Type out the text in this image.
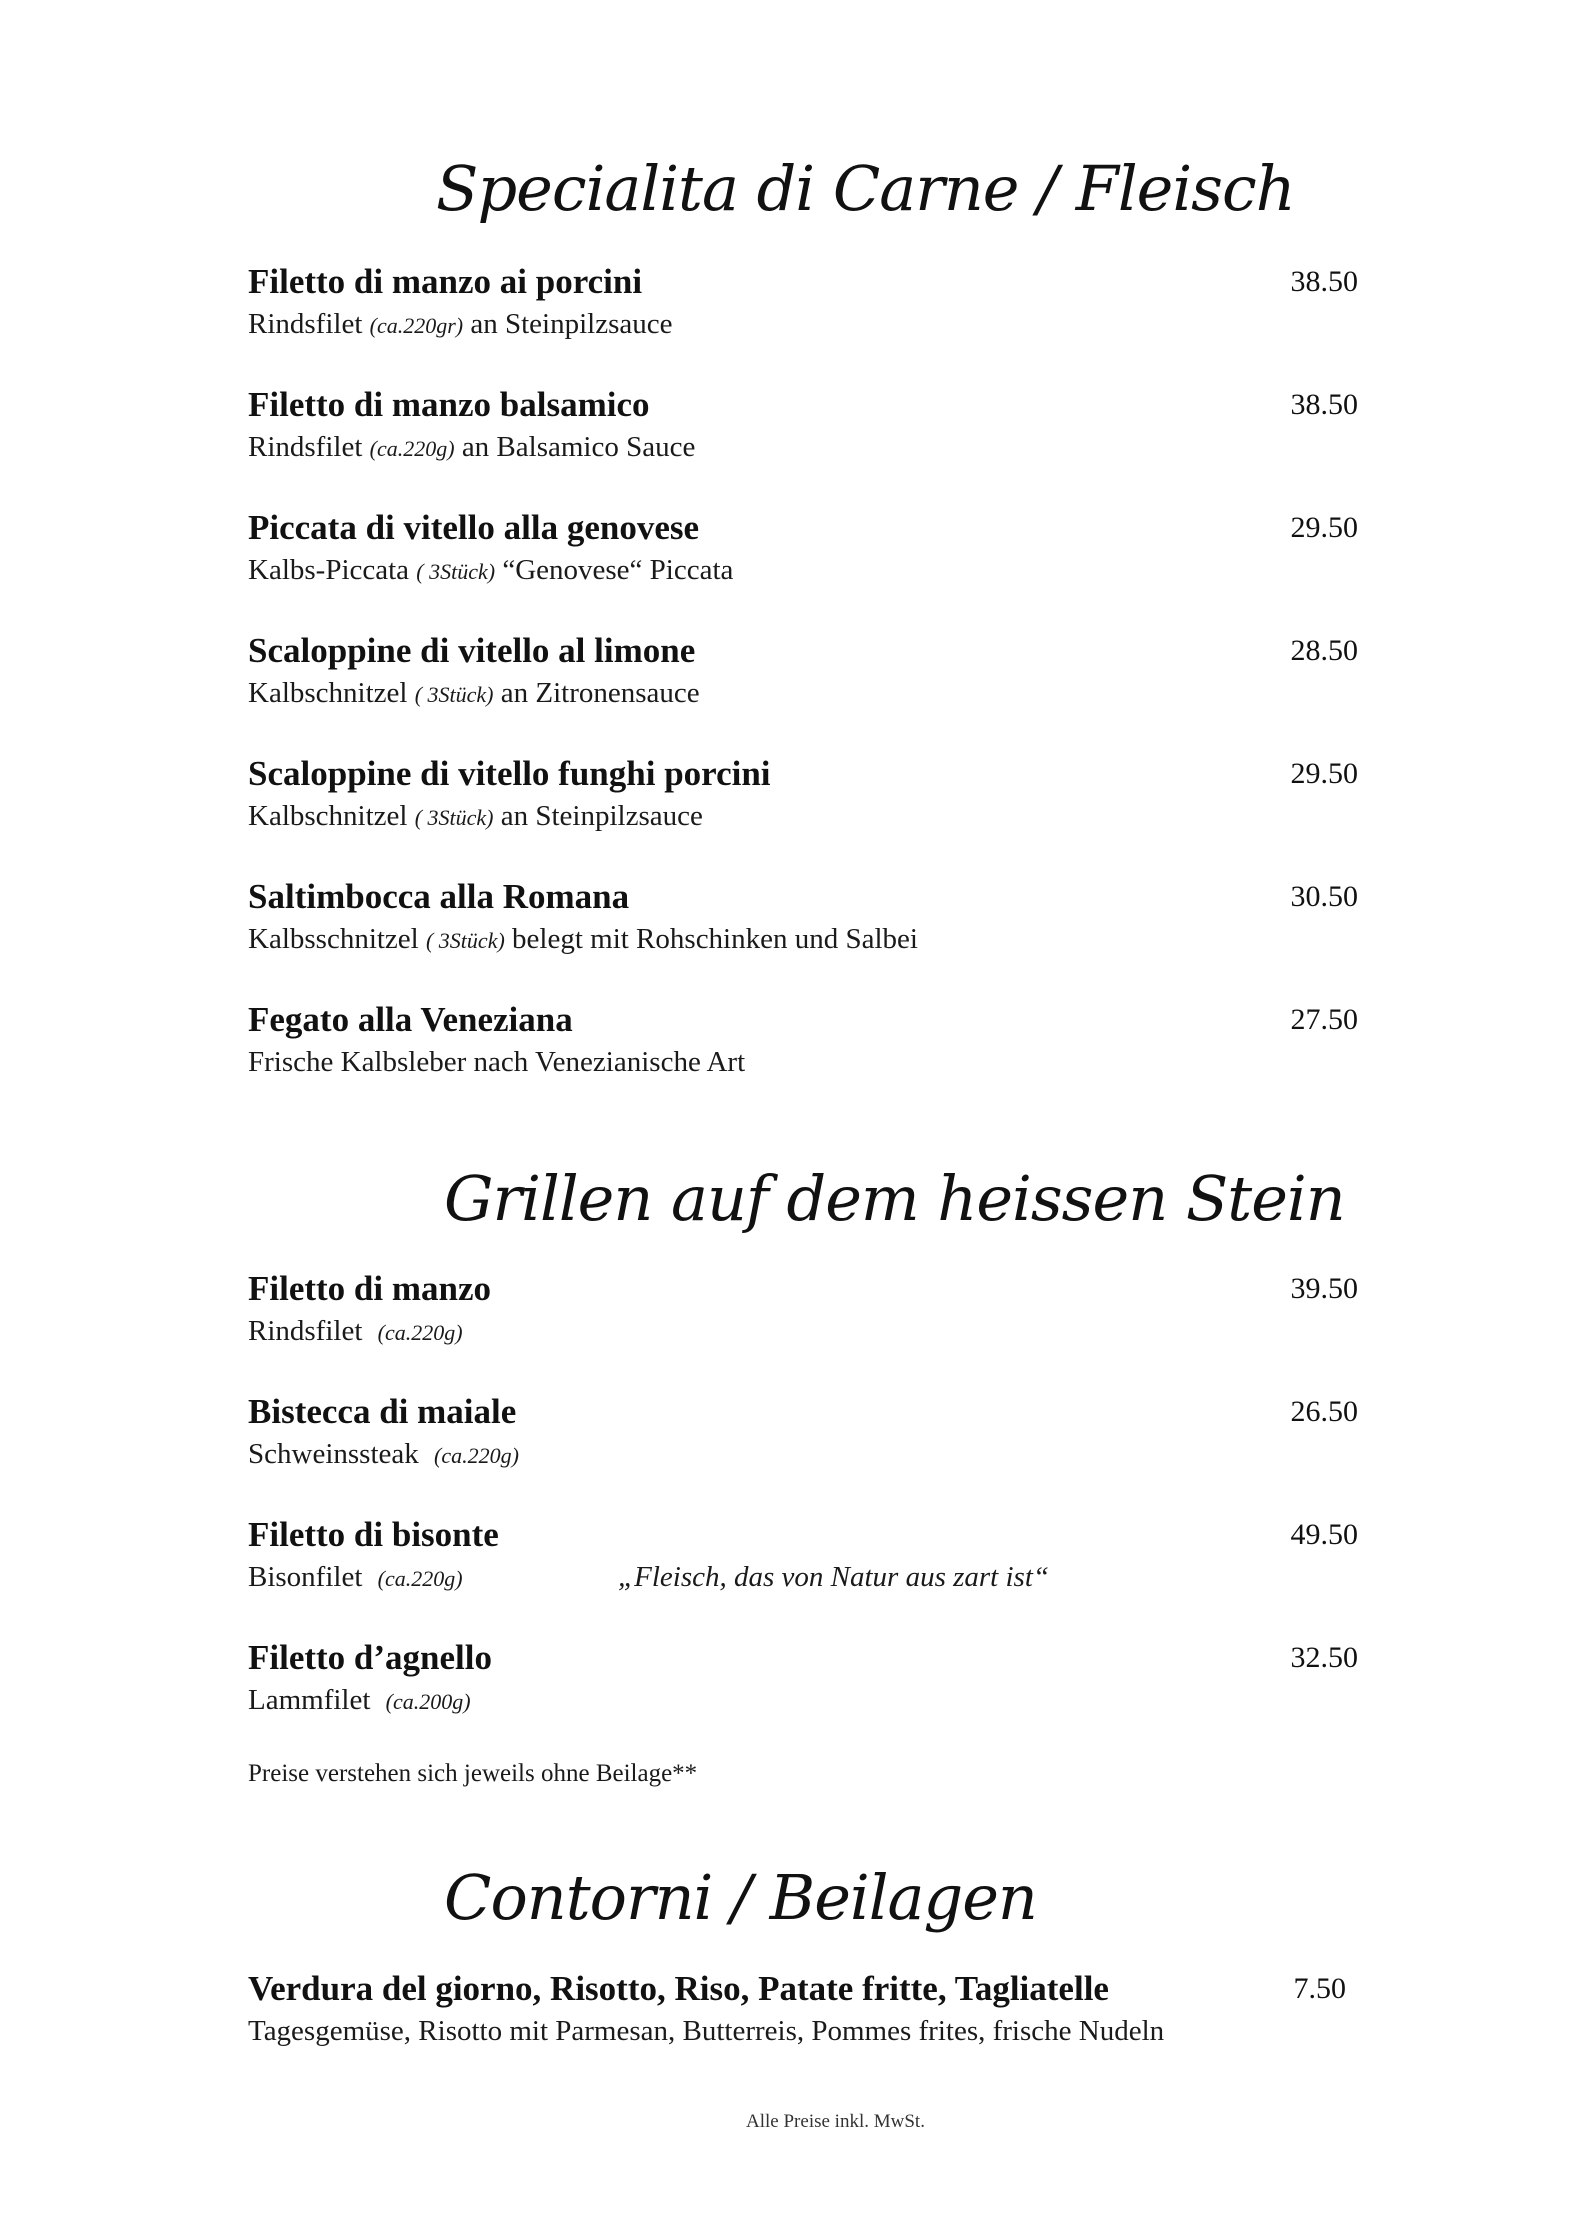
Specialita di Carne / Fleisch
Filetto di manzo ai porcini	38.50
Rindsfilet (ca.220gr) an Steinpilzsauce
Filetto di manzo balsamico	38.50
Rindsfilet (ca.220g) an Balsamico Sauce
Piccata di vitello alla genovese	29.50
Kalbs-Piccata ( 3Stück) “Genovese“ Piccata
Scaloppine di vitello al limone	28.50
Kalbschnitzel ( 3Stück) an Zitronensauce
Scaloppine di vitello funghi porcini	29.50
Kalbschnitzel ( 3Stück) an Steinpilzsauce
Saltimbocca alla Romana	30.50
Kalbsschnitzel ( 3Stück) belegt mit Rohschinken und Salbei
Fegato alla Veneziana	27.50
Frische Kalbsleber nach Venezianische Art
Grillen auf dem heissen Stein
Filetto di manzo	39.50
Rindsfilet (ca.220g)
Bistecca di maiale	26.50
Schweinssteak (ca.220g)
Filetto di bisonte	49.50
Bisonfilet (ca.220g)	„Fleisch, das von Natur aus zart ist“
Filetto d’agnello	32.50
Lammfilet (ca.200g)
Preise verstehen sich jeweils ohne Beilage**
Contorni / Beilagen
Verdura del giorno, Risotto, Riso, Patate fritte, Tagliatelle	7.50
Tagesgemüse, Risotto mit Parmesan, Butterreis, Pommes frites, frische Nudeln
Alle Preise inkl. MwSt.
